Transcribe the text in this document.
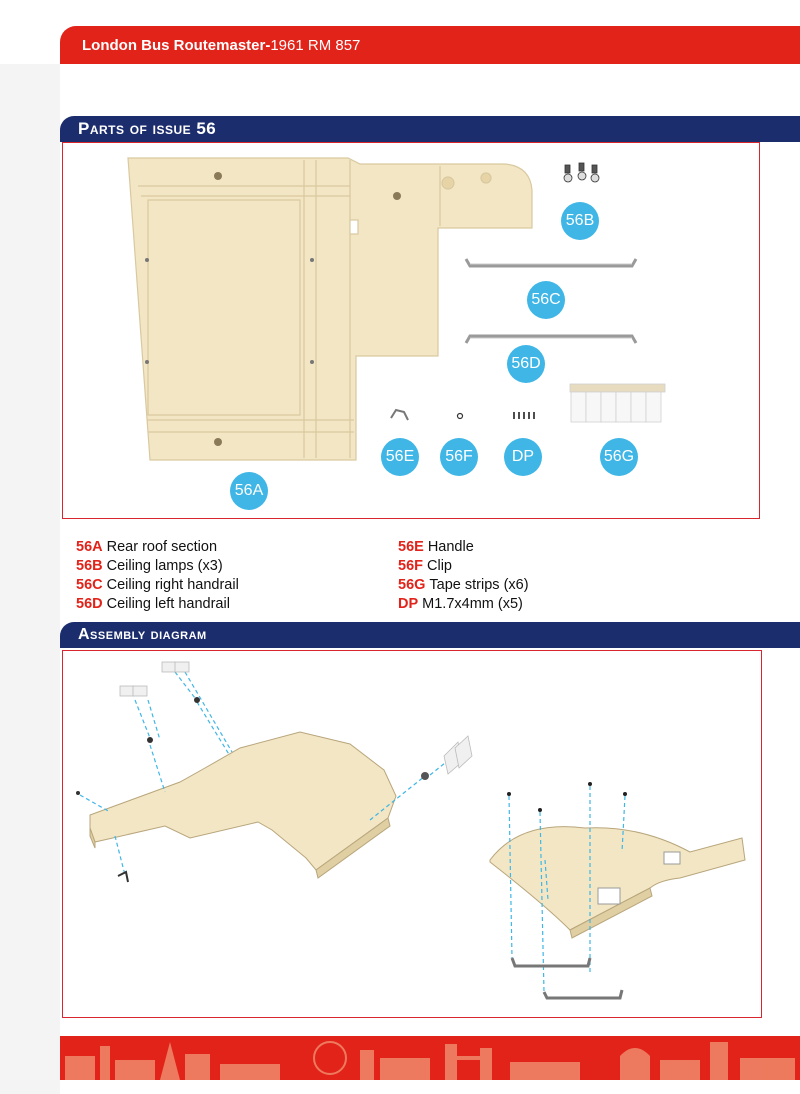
London Bus Routemaster- 1961 RM 857
Parts of issue 56
56A
56B
56C
56D
56E	56F	DP	56G
56A Rear roof section
56B Ceiling lamps (x3)
56C Ceiling right handrail
56D Ceiling left handrail
56E Handle
56F Clip
56G Tape strips (x6)
DP M1.7x4mm (x5)
Assembly diagram
